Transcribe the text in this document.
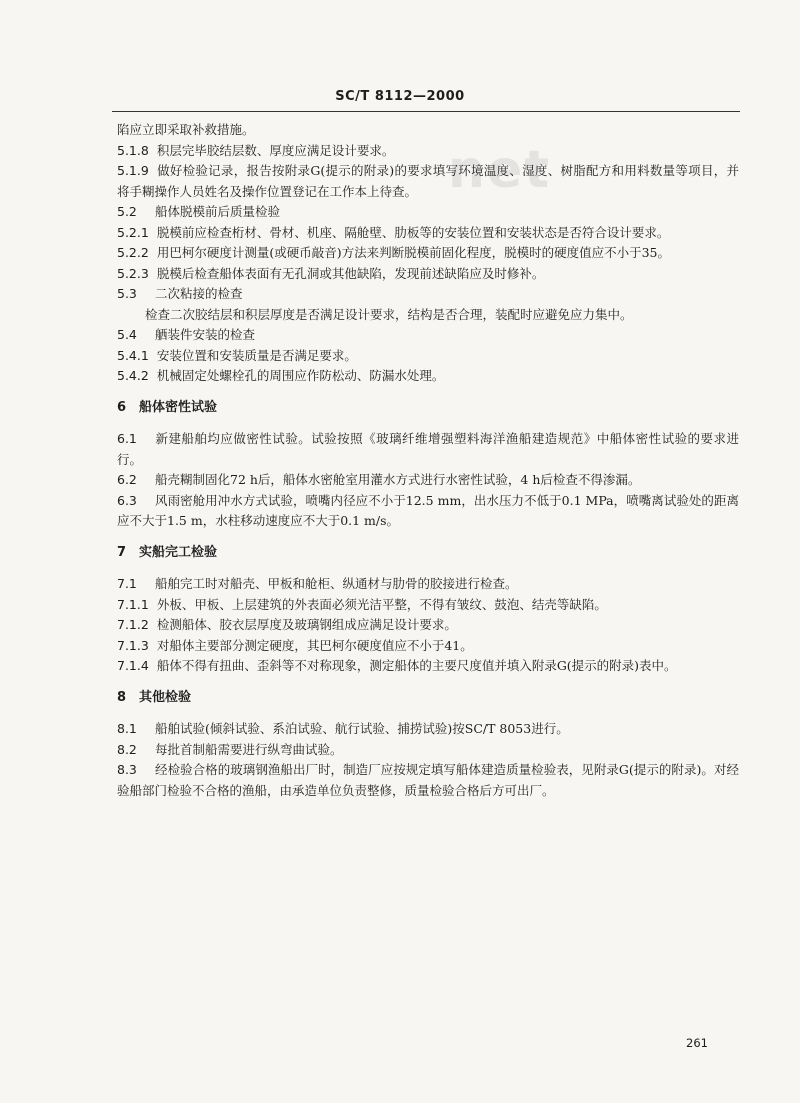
net
SC/T 8112—2000

陷应立即采取补救措施。

5.1.8 积层完毕胶结层数、厚度应满足设计要求。

5.1.9 做好检验记录，报告按附录G(提示的附录)的要求填写环境温度、湿度、树脂配方和用料数量等项目，并将手糊操作人员姓名及操作位置登记在工作本上待查。

5.2 船体脱模前后质量检验

5.2.1 脱模前应检查桁材、骨材、机座、隔舱壁、肋板等的安装位置和安装状态是否符合设计要求。

5.2.2 用巴柯尔硬度计测量(或硬币敲音)方法来判断脱模前固化程度，脱模时的硬度值应不小于35。

5.2.3 脱模后检查船体表面有无孔洞或其他缺陷，发现前述缺陷应及时修补。

5.3 二次粘接的检查

检查二次胶结层和积层厚度是否满足设计要求，结构是否合理，装配时应避免应力集中。

5.4 舾装件安装的检查

5.4.1 安装位置和安装质量是否满足要求。

5.4.2 机械固定处螺栓孔的周围应作防松动、防漏水处理。

6 船体密性试验

6.1 新建船舶均应做密性试验。试验按照《玻璃纤维增强塑料海洋渔船建造规范》中船体密性试验的要求进行。

6.2 船壳糊制固化72 h后，船体水密舱室用灌水方式进行水密性试验，4 h后检查不得渗漏。

6.3 风雨密舱用冲水方式试验，喷嘴内径应不小于12.5 mm，出水压力不低于0.1 MPa，喷嘴离试验处的距离应不大于1.5 m，水柱移动速度应不大于0.1 m/s。

7 实船完工检验

7.1 船舶完工时对船壳、甲板和舱柜、纵通材与肋骨的胶接进行检查。

7.1.1 外板、甲板、上层建筑的外表面必须光洁平整，不得有皱纹、鼓泡、结壳等缺陷。

7.1.2 检测船体、胶衣层厚度及玻璃钢组成应满足设计要求。

7.1.3 对船体主要部分测定硬度，其巴柯尔硬度值应不小于41。

7.1.4 船体不得有扭曲、歪斜等不对称现象，测定船体的主要尺度值并填入附录G(提示的附录)表中。

8 其他检验

8.1 船舶试验(倾斜试验、系泊试验、航行试验、捕捞试验)按SC/T 8053进行。

8.2 每批首制船需要进行纵弯曲试验。

8.3 经检验合格的玻璃钢渔船出厂时，制造厂应按规定填写船体建造质量检验表，见附录G(提示的附录)。对经验船部门检验不合格的渔船，由承造单位负责整修，质量检验合格后方可出厂。

261
